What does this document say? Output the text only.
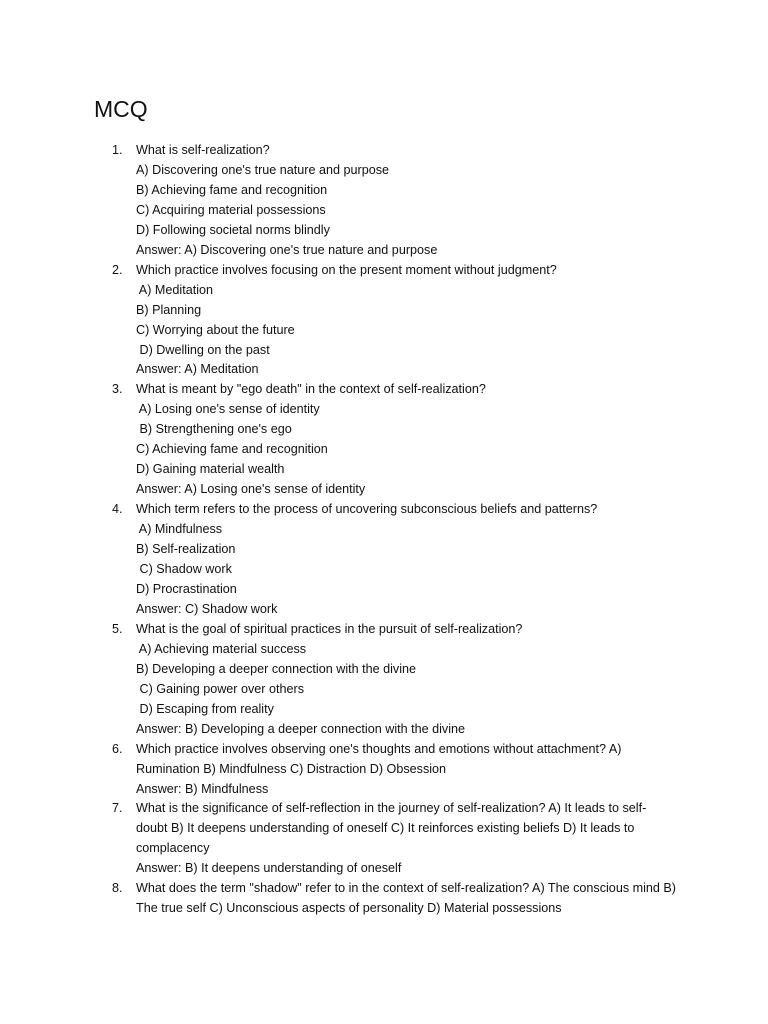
MCQ
1. What is self-realization?
A) Discovering one's true nature and purpose
B) Achieving fame and recognition
C) Acquiring material possessions
D) Following societal norms blindly
Answer: A) Discovering one's true nature and purpose
2. Which practice involves focusing on the present moment without judgment?
A) Meditation
B) Planning
C) Worrying about the future
D) Dwelling on the past
Answer: A) Meditation
3. What is meant by "ego death" in the context of self-realization?
A) Losing one's sense of identity
B) Strengthening one's ego
C) Achieving fame and recognition
D) Gaining material wealth
Answer: A) Losing one's sense of identity
4. Which term refers to the process of uncovering subconscious beliefs and patterns?
A) Mindfulness
B) Self-realization
C) Shadow work
D) Procrastination
Answer: C) Shadow work
5. What is the goal of spiritual practices in the pursuit of self-realization?
A) Achieving material success
B) Developing a deeper connection with the divine
C) Gaining power over others
D) Escaping from reality
Answer: B) Developing a deeper connection with the divine
6. Which practice involves observing one's thoughts and emotions without attachment? A) Rumination B) Mindfulness C) Distraction D) Obsession
Answer: B) Mindfulness
7. What is the significance of self-reflection in the journey of self-realization? A) It leads to self-doubt B) It deepens understanding of oneself C) It reinforces existing beliefs D) It leads to complacency
Answer: B) It deepens understanding of oneself
8. What does the term "shadow" refer to in the context of self-realization? A) The conscious mind B) The true self C) Unconscious aspects of personality D) Material possessions
